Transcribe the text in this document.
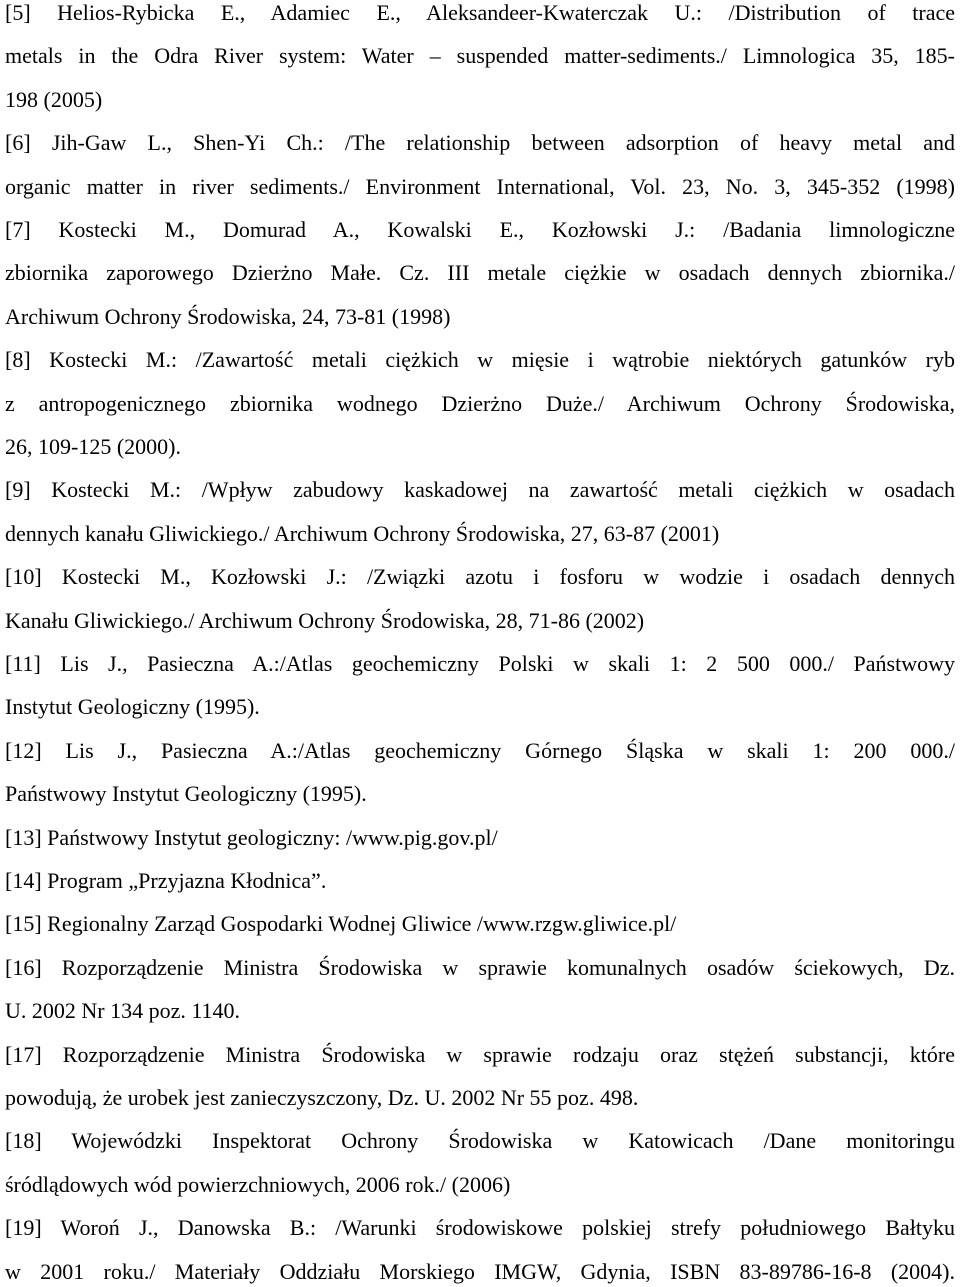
[5] Helios-Rybicka E., Adamiec E., Aleksandeer-Kwaterczak U.: /Distribution of trace
metals in the Odra River system: Water – suspended matter-sediments./ Limnologica 35, 185-
198 (2005)
[6] Jih-Gaw L., Shen-Yi Ch.: /The relationship between adsorption of heavy metal and
organic matter in river sediments./ Environment International, Vol. 23, No. 3, 345-352 (1998)
[7] Kostecki M., Domurad A., Kowalski E., Kozłowski J.: /Badania limnologiczne
zbiornika zaporowego Dzierżno Małe. Cz. III metale ciężkie w osadach dennych zbiornika./
Archiwum Ochrony Środowiska, 24, 73-81 (1998)
[8] Kostecki M.: /Zawartość metali ciężkich w mięsie i wątrobie niektórych gatunków ryb
z antropogenicznego zbiornika wodnego Dzierżno Duże./ Archiwum Ochrony Środowiska,
26, 109-125 (2000).
[9] Kostecki M.: /Wpływ zabudowy kaskadowej na zawartość metali ciężkich w osadach
dennych kanału Gliwickiego./ Archiwum Ochrony Środowiska, 27, 63-87 (2001)
[10] Kostecki M., Kozłowski J.: /Związki azotu i fosforu w wodzie i osadach dennych
Kanału Gliwickiego./ Archiwum Ochrony Środowiska, 28, 71-86 (2002)
[11] Lis J., Pasieczna A.:/Atlas geochemiczny Polski w skali 1: 2 500 000./ Państwowy
Instytut Geologiczny (1995).
[12] Lis J., Pasieczna A.:/Atlas geochemiczny Górnego Śląska w skali 1: 200 000./
Państwowy Instytut Geologiczny (1995).
[13] Państwowy Instytut geologiczny: /www.pig.gov.pl/
[14] Program „Przyjazna Kłodnica”.
[15] Regionalny Zarząd Gospodarki Wodnej Gliwice /www.rzgw.gliwice.pl/
[16] Rozporządzenie Ministra Środowiska w sprawie komunalnych osadów ściekowych, Dz.
U. 2002 Nr 134 poz. 1140.
[17] Rozporządzenie Ministra Środowiska w sprawie rodzaju oraz stężeń substancji, które
powodują, że urobek jest zanieczyszczony, Dz. U. 2002 Nr 55 poz. 498.
[18] Wojewódzki Inspektorat Ochrony Środowiska w Katowicach /Dane monitoringu
śródlądowych wód powierzchniowych, 2006 rok./ (2006)
[19] Woroń J., Danowska B.: /Warunki środowiskowe polskiej strefy południowego Bałtyku
w 2001 roku./ Materiały Oddziału Morskiego IMGW, Gdynia, ISBN 83-89786-16-8 (2004).
